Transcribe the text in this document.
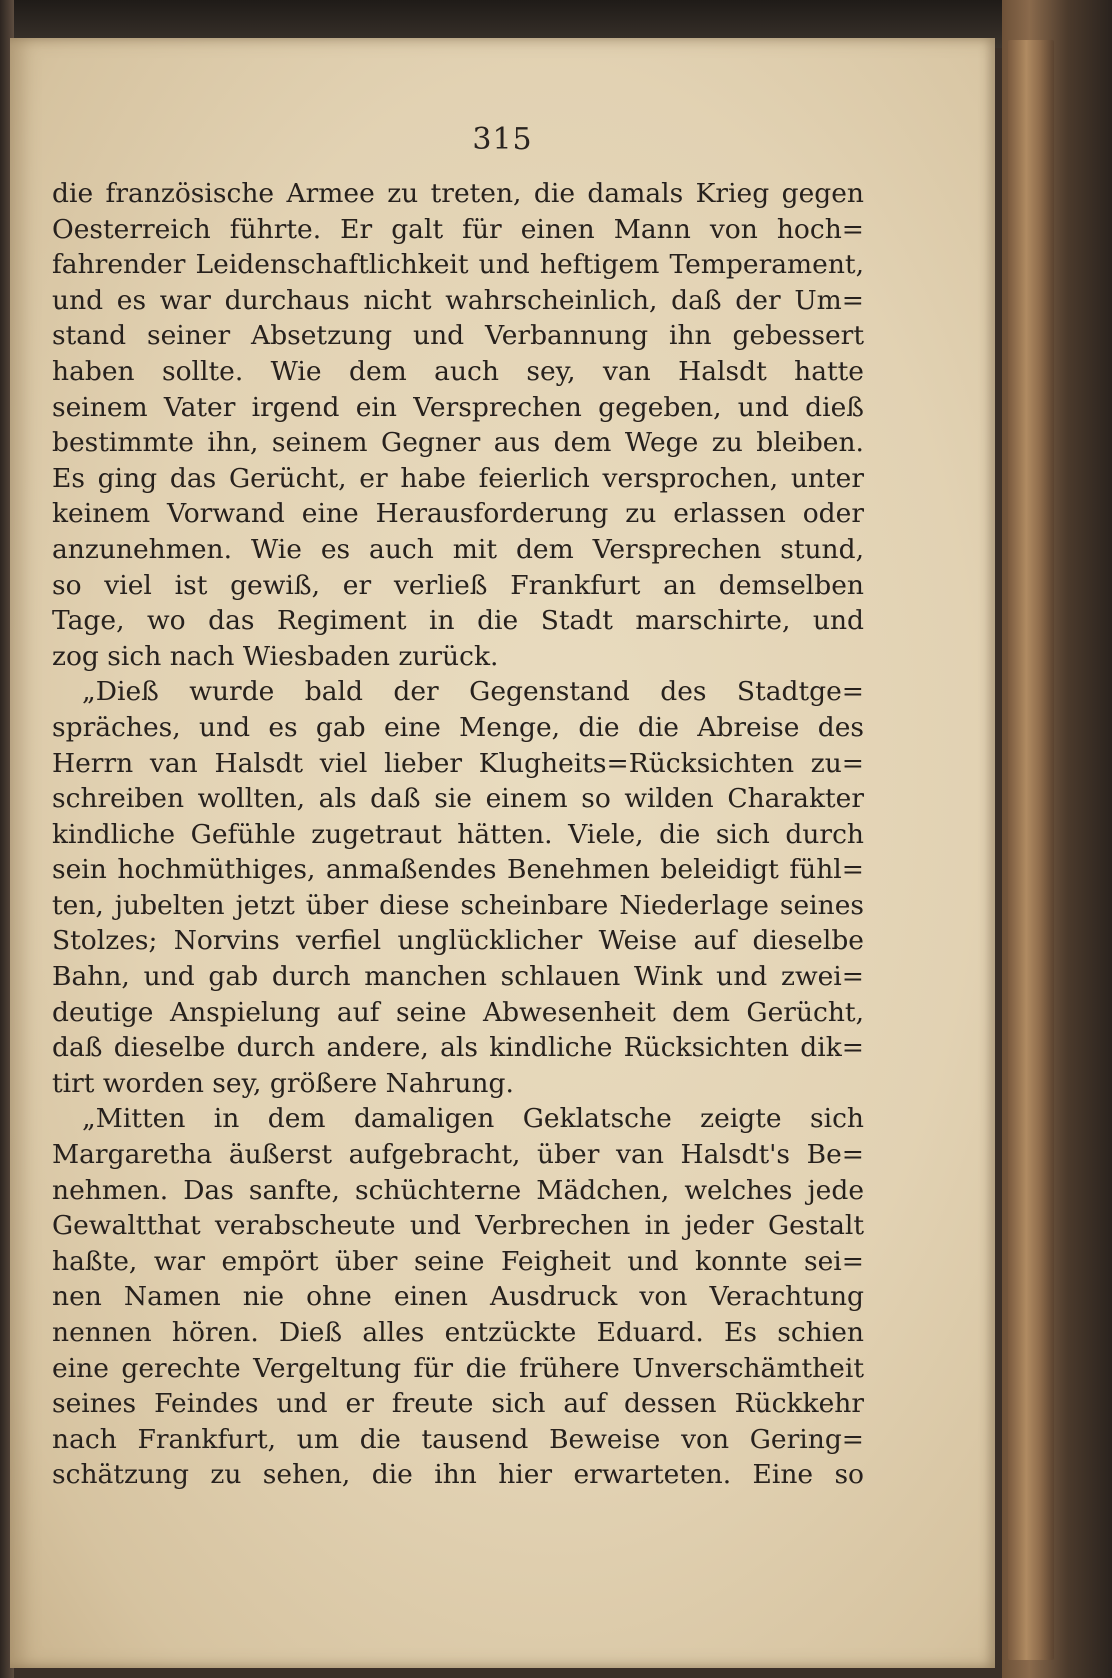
315
die französische Armee zu treten, die damals Krieg gegen
Oesterreich führte. Er galt für einen Mann von hoch=
fahrender Leidenschaftlichkeit und heftigem Temperament,
und es war durchaus nicht wahrscheinlich, daß der Um=
stand seiner Absetzung und Verbannung ihn gebessert
haben sollte. Wie dem auch sey, van Halsdt hatte
seinem Vater irgend ein Versprechen gegeben, und dieß
bestimmte ihn, seinem Gegner aus dem Wege zu bleiben.
Es ging das Gerücht, er habe feierlich versprochen, unter
keinem Vorwand eine Herausforderung zu erlassen oder
anzunehmen. Wie es auch mit dem Versprechen stund,
so viel ist gewiß, er verließ Frankfurt an demselben
Tage, wo das Regiment in die Stadt marschirte, und
zog sich nach Wiesbaden zurück.
„Dieß wurde bald der Gegenstand des Stadtge=
spräches, und es gab eine Menge, die die Abreise des
Herrn van Halsdt viel lieber Klugheits=Rücksichten zu=
schreiben wollten, als daß sie einem so wilden Charakter
kindliche Gefühle zugetraut hätten. Viele, die sich durch
sein hochmüthiges, anmaßendes Benehmen beleidigt fühl=
ten, jubelten jetzt über diese scheinbare Niederlage seines
Stolzes; Norvins verfiel unglücklicher Weise auf dieselbe
Bahn, und gab durch manchen schlauen Wink und zwei=
deutige Anspielung auf seine Abwesenheit dem Gerücht,
daß dieselbe durch andere, als kindliche Rücksichten dik=
tirt worden sey, größere Nahrung.
„Mitten in dem damaligen Geklatsche zeigte sich
Margaretha äußerst aufgebracht, über van Halsdt's Be=
nehmen. Das sanfte, schüchterne Mädchen, welches jede
Gewaltthat verabscheute und Verbrechen in jeder Gestalt
haßte, war empört über seine Feigheit und konnte sei=
nen Namen nie ohne einen Ausdruck von Verachtung
nennen hören. Dieß alles entzückte Eduard. Es schien
eine gerechte Vergeltung für die frühere Unverschämtheit
seines Feindes und er freute sich auf dessen Rückkehr
nach Frankfurt, um die tausend Beweise von Gering=
schätzung zu sehen, die ihn hier erwarteten. Eine so
